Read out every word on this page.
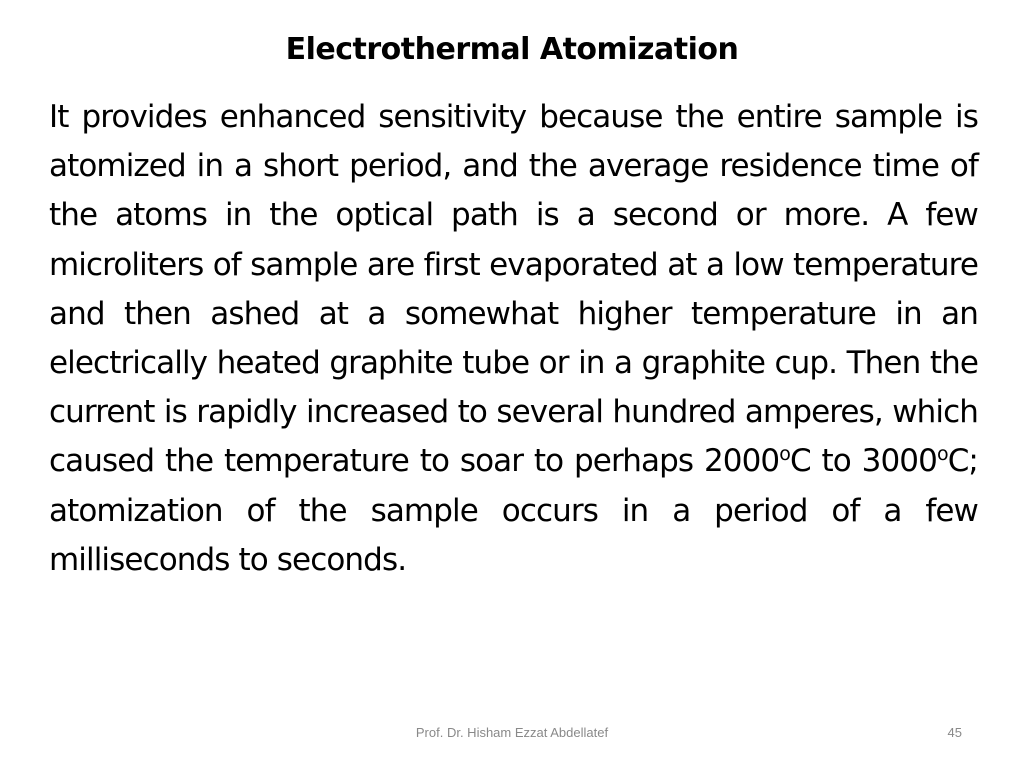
Electrothermal Atomization

It provides enhanced sensitivity because the entire sample is atomized in a short period, and the average residence time of the atoms in the optical path is a second or more. A few microliters of sample are first evaporated at a low temperature and then ashed at a somewhat higher temperature in an electrically heated graphite tube or in a graphite cup. Then the current is rapidly increased to several hundred amperes, which caused the temperature to soar to perhaps 2000$^o$C to 3000$^o$C; atomization of the sample occurs in a period of a few milliseconds to seconds.

Prof. Dr. Hisham Ezzat Abdellatef	45
